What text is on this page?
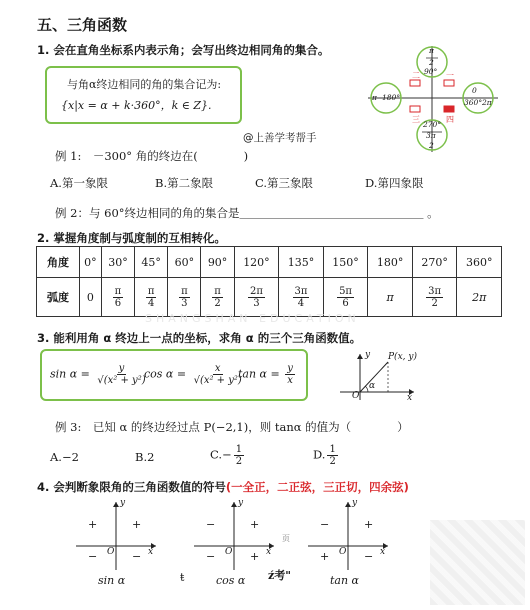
五、三角函数
1. 会在直角坐标系内表示角；会写出终边相同角的集合。
与角α终边相同的角的集合记为:
{x|x = α + k·360°，k ∈ Z}.
@上善学考帮手
π
2
90°
π 180°
0
360° 2π
270°
3π
2
一
二
三	四
例 1:　－300° 角的终边在(　　　　)
A.第一象限	B.第二象限	C.第三象限	D.第四象限
例 2：与 60°终边相同的角的集合是＿＿＿＿＿＿＿＿＿＿＿＿＿＿＿＿ 。
2. 掌握角度制与弧度制的互相转化。
角度	0°	30°	45°	60°	90°	120°	135°	150°	180°	270°	360°
弧度	0	$\frac{\pi}{6}$	$\frac{\pi}{4}$	$\frac{\pi}{3}$	$\frac{\pi}{2}$	$\frac{2\pi}{3}$	$\frac{3\pi}{4}$	$\frac{5\pi}{6}$	π	$\frac{3\pi}{2}$	2π
SHANGSHAN EDUCATION
3. 能利用角 α 终边上一点的坐标，求角 α 的三个三角函数值。
$\sin \alpha = \frac{y}{\text{√(x² + y²)}}$
$\cos \alpha = \frac{x}{\text{√(x² + y²)}}$
$\tan \alpha = \frac{y}{x}$
P(x, y)
y
x
O
α
例 3:　已知 α 的终边经过点 P(−2,1)，则 tanα 的值为（　　　　）
A.−2	B.2	$C.- \frac{1}{2}$	D. $\frac{1}{2}$
4. 会判断象限角的三角函数值的符号(一全正，二正弦，三正切，四余弦)
y
x
O
+
+
−	−
sin α
y
x
O
+
−
−	+
cos α
y
x
O
+
−
+	−
tan α
ŧ	ź考"
页
